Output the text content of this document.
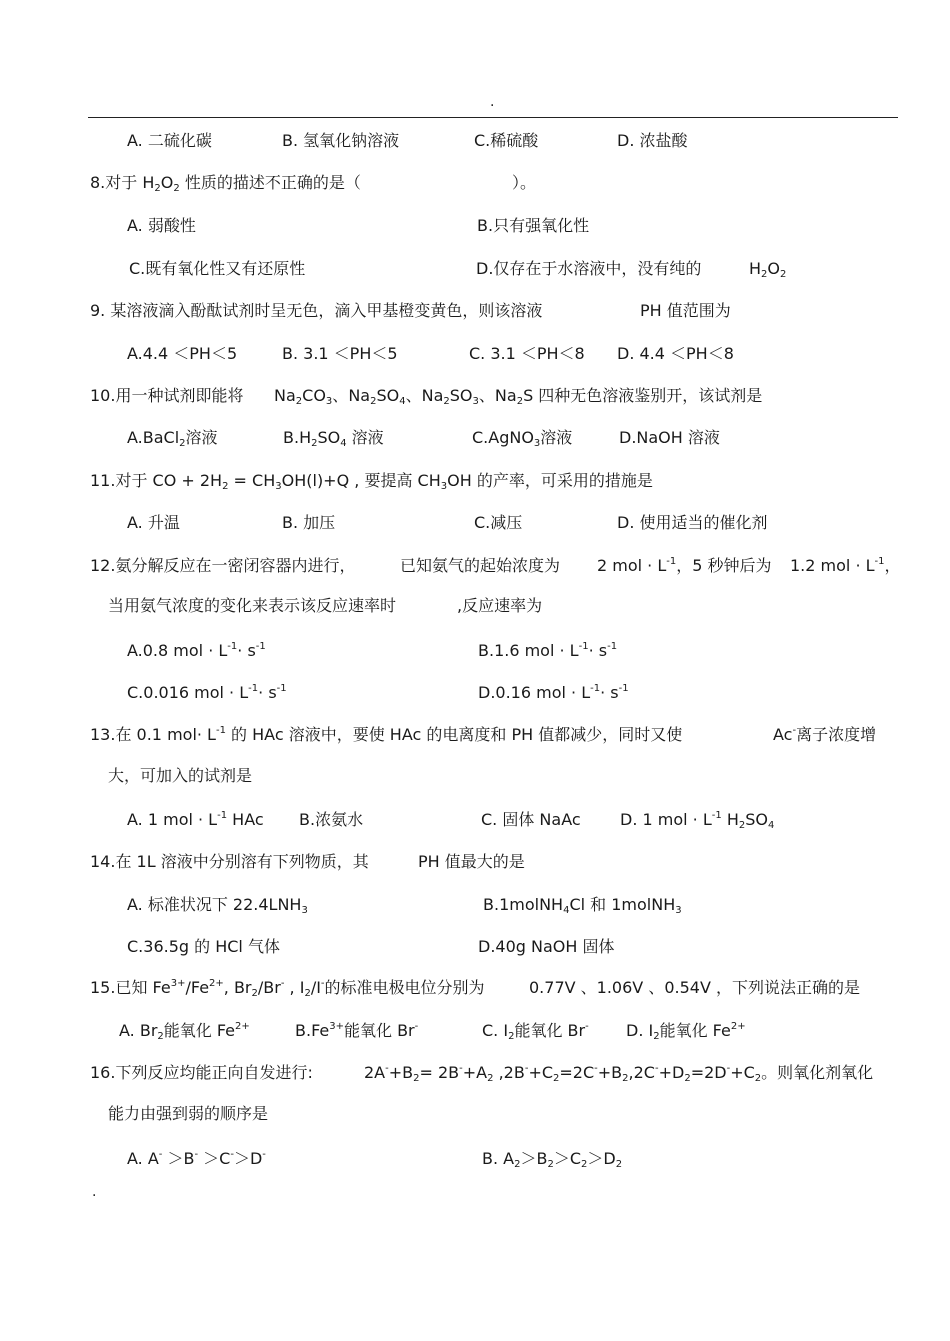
.
A. 二硫化碳	B. 氢氧化钠溶液	C.稀硫酸	D. 浓盐酸
8.对于 $H_2O_2$ 性质的描述不正确的是（	）。
A. 弱酸性	B.只有强氧化性
C.既有氧化性又有还原性	D.仅存在于水溶液中，没有纯的	$H_2O_2$
9. 某溶液滴入酚酞试剂时呈无色，滴入甲基橙变黄色，则该溶液	PH 值范围为
A.4.4 ＜PH＜5	B. 3.1 ＜PH＜5	C. 3.1 ＜PH＜8 D. 4.4 ＜PH＜8
10.用一种试剂即能将 $Na_2CO_3$、$Na_2SO_4$、$Na_2SO_3$、$Na_2S$ 四种无色溶液鉴别开，该试剂是
A.BaCl$_2$溶液	$B.H_2SO_4$ 溶液	C.AgNO$_3$溶液	D.NaOH 溶液
11.对于 CO + $2H_2 = CH_3OH(l)+Q$ , 要提高 $CH_3OH$ 的产率，可采用的措施是
A. 升温	B. 加压	C.减压	D. 使用适当的催化剂
12.氨分解反应在一密闭容器内进行，	已知氨气的起始浓度为 2 mol · $L^{-1}$，5 秒钟后为 1.2 mol · $L^{-1}$，
当用氨气浓度的变化来表示该反应速率时	,反应速率为
A.0.8 mol · $L^{-1}\cdot s^{-1}$	B.1.6 mol · $L^{-1}\cdot s^{-1}$
C.0.016 mol · $L^{-1}\cdot s^{-1}$	D.0.16 mol · $L^{-1}\cdot s^{-1}$
13.在 0.1 $mol\cdot L^{-1}$ 的 HAc 溶液中，要使 HAc 的电离度和 PH 值都减少，同时又使	Ac-离子浓度增
大，可加入的试剂是
A. 1 mol · $L^{-1}$ HAc B.浓氨水	C. 固体 NaAc D. 1 mol · $L^{-1}$ $H_2SO_4$
14.在 1L 溶液中分别溶有下列物质，其	PH 值最大的是
A. 标准状况下 $22.4LNH_3$	B.1molNH$_4$Cl 和 1molNH$_3$
C.36.5g 的 HCl 气体	D.40g NaOH 固体
15.已知 $Fe^{3+}/Fe^{2+}$, $Br_2/Br^-$ , $I_2/I^-$的标准电极电位分别为	0.77V 、1.06V 、0.54V ，下列说法正确的是
A. $Br_2$能氧化 $Fe^{2+}$	$B.Fe^{3+}$能氧化 Br-	C. $I_2$能氧化 Br- D. $I_2$能氧化 $Fe^{2+}$
16.下列反应均能正向自发进行:	$2A^-+B_2= 2B^-+A_2$ $,2B^-+C_2=2C^-+B_2,2C^-+D_2=2D^-+C_2$。则氧化剂氧化
能力由强到弱的顺序是
A. A- ＞B- ＞C-＞D-	B. $A_2>B_2>C_2>D_2$
.
